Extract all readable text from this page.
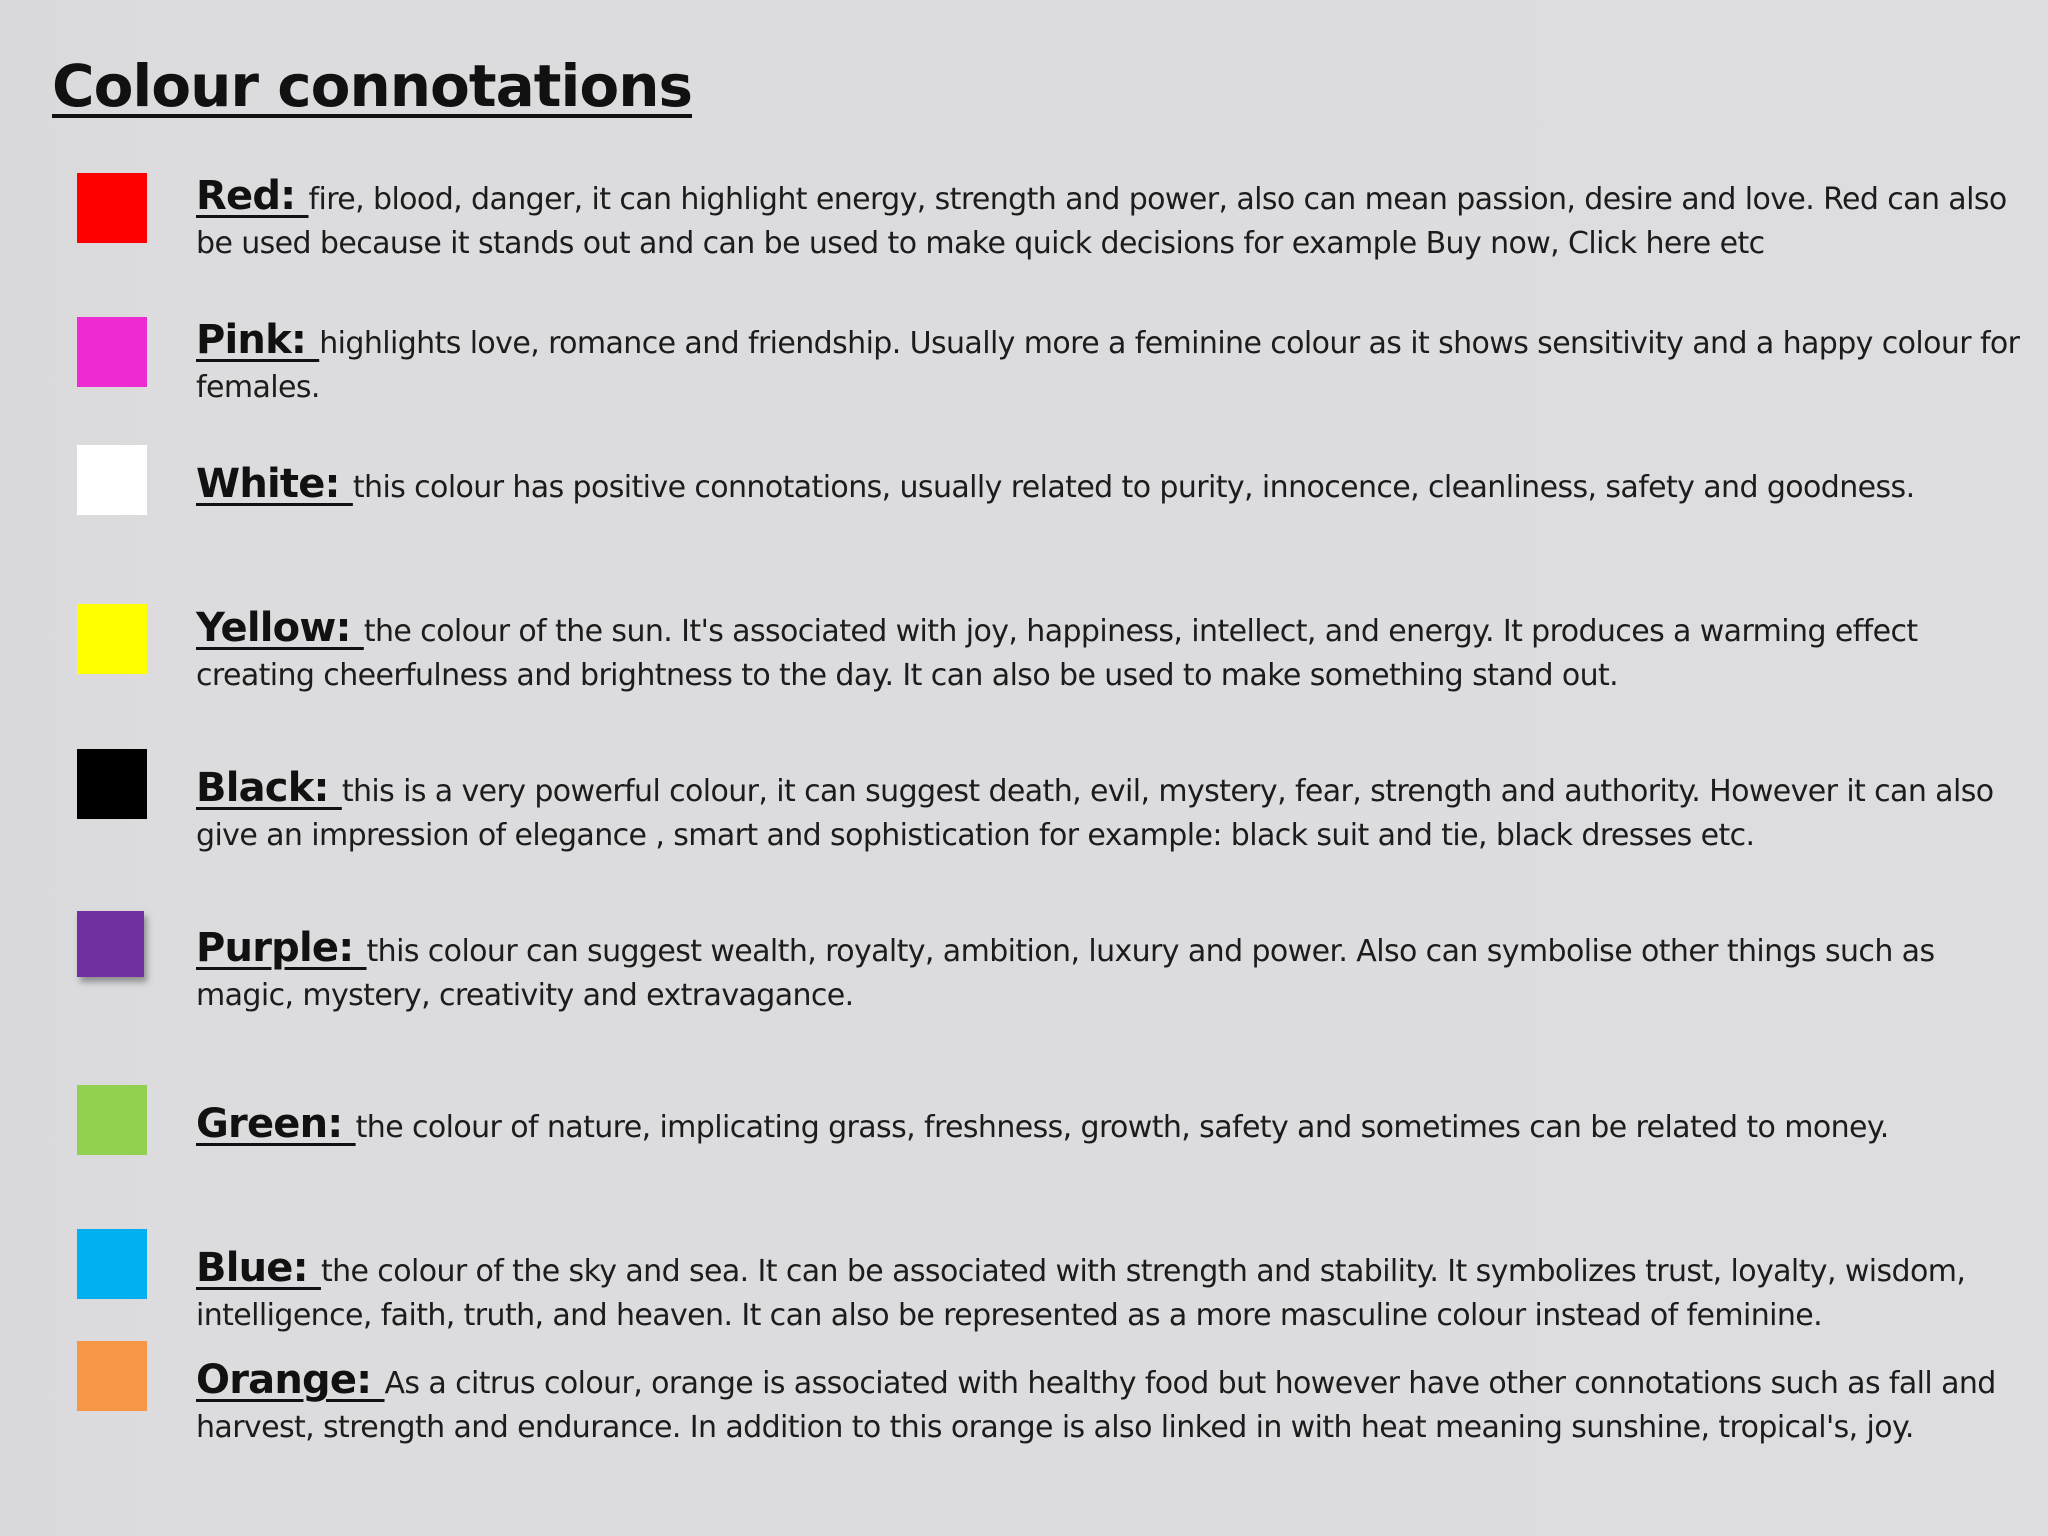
Colour connotations

Red: fire, blood, danger, it can highlight energy, strength and power, also can mean passion, desire and love. Red can also be used because it stands out and can be used to make quick decisions for example Buy now, Click here etc

Pink: highlights love, romance and friendship. Usually more a feminine colour as it shows sensitivity and a happy colour for females.

White: this colour has positive connotations, usually related to purity, innocence, cleanliness, safety and goodness.

Yellow: the colour of the sun. It's associated with joy, happiness, intellect, and energy. It produces a warming effect creating cheerfulness and brightness to the day. It can also be used to make something stand out.

Black: this is a very powerful colour, it can suggest death, evil, mystery, fear, strength and authority. However it can also give an impression of elegance , smart and sophistication for example: black suit and tie, black dresses etc.

Purple: this colour can suggest wealth, royalty, ambition, luxury and power. Also can symbolise other things such as magic, mystery, creativity and extravagance.

Green: the colour of nature, implicating grass, freshness, growth, safety and sometimes can be related to money.

Blue: the colour of the sky and sea. It can be associated with strength and stability. It symbolizes trust, loyalty, wisdom, intelligence, faith, truth, and heaven. It can also be represented as a more masculine colour instead of feminine.

Orange: As a citrus colour, orange is associated with healthy food but however have other connotations such as fall and harvest, strength and endurance. In addition to this orange is also linked in with heat meaning sunshine, tropical's, joy.
